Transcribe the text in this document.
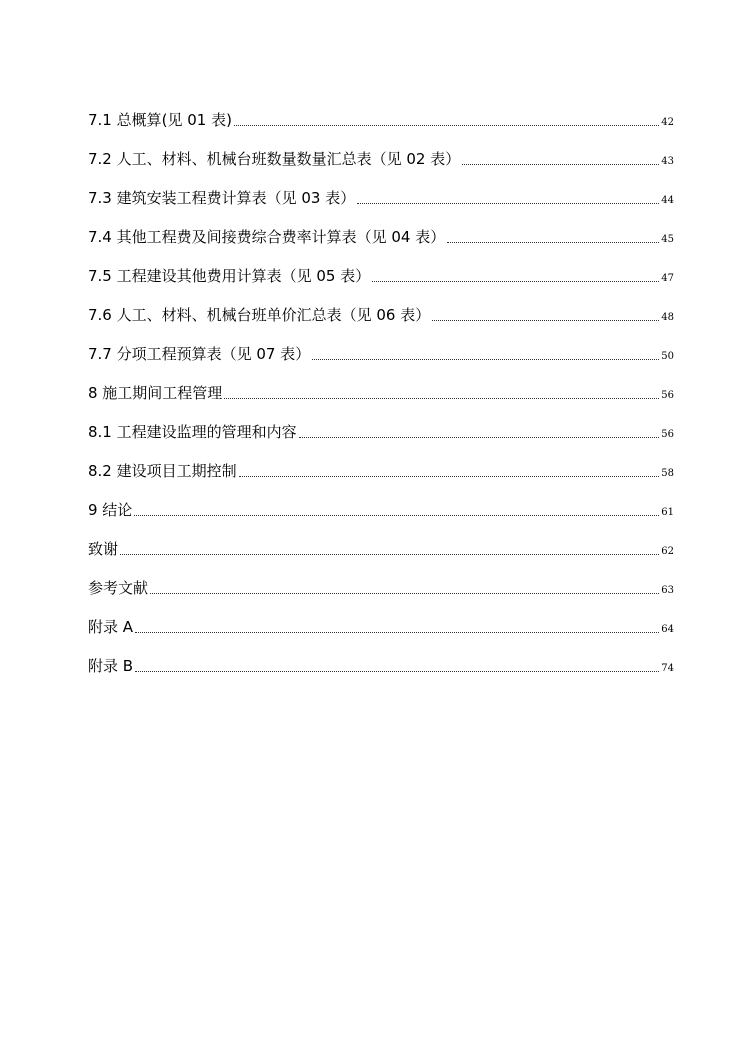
7.1 总概算(见 01 表)	42
7.2 人工、材料、机械台班数量数量汇总表（见 02 表）	43
7.3 建筑安装工程费计算表（见 03 表）	44
7.4 其他工程费及间接费综合费率计算表（见 04 表）	45
7.5 工程建设其他费用计算表（见 05 表）	47
7.6 人工、材料、机械台班单价汇总表（见 06 表）	48
7.7 分项工程预算表（见 07 表）	50
8 施工期间工程管理	56
8.1 工程建设监理的管理和内容	56
8.2 建设项目工期控制	58
9 结论	61
致谢	62
参考文献	63
附录 A	64
附录 B	74
